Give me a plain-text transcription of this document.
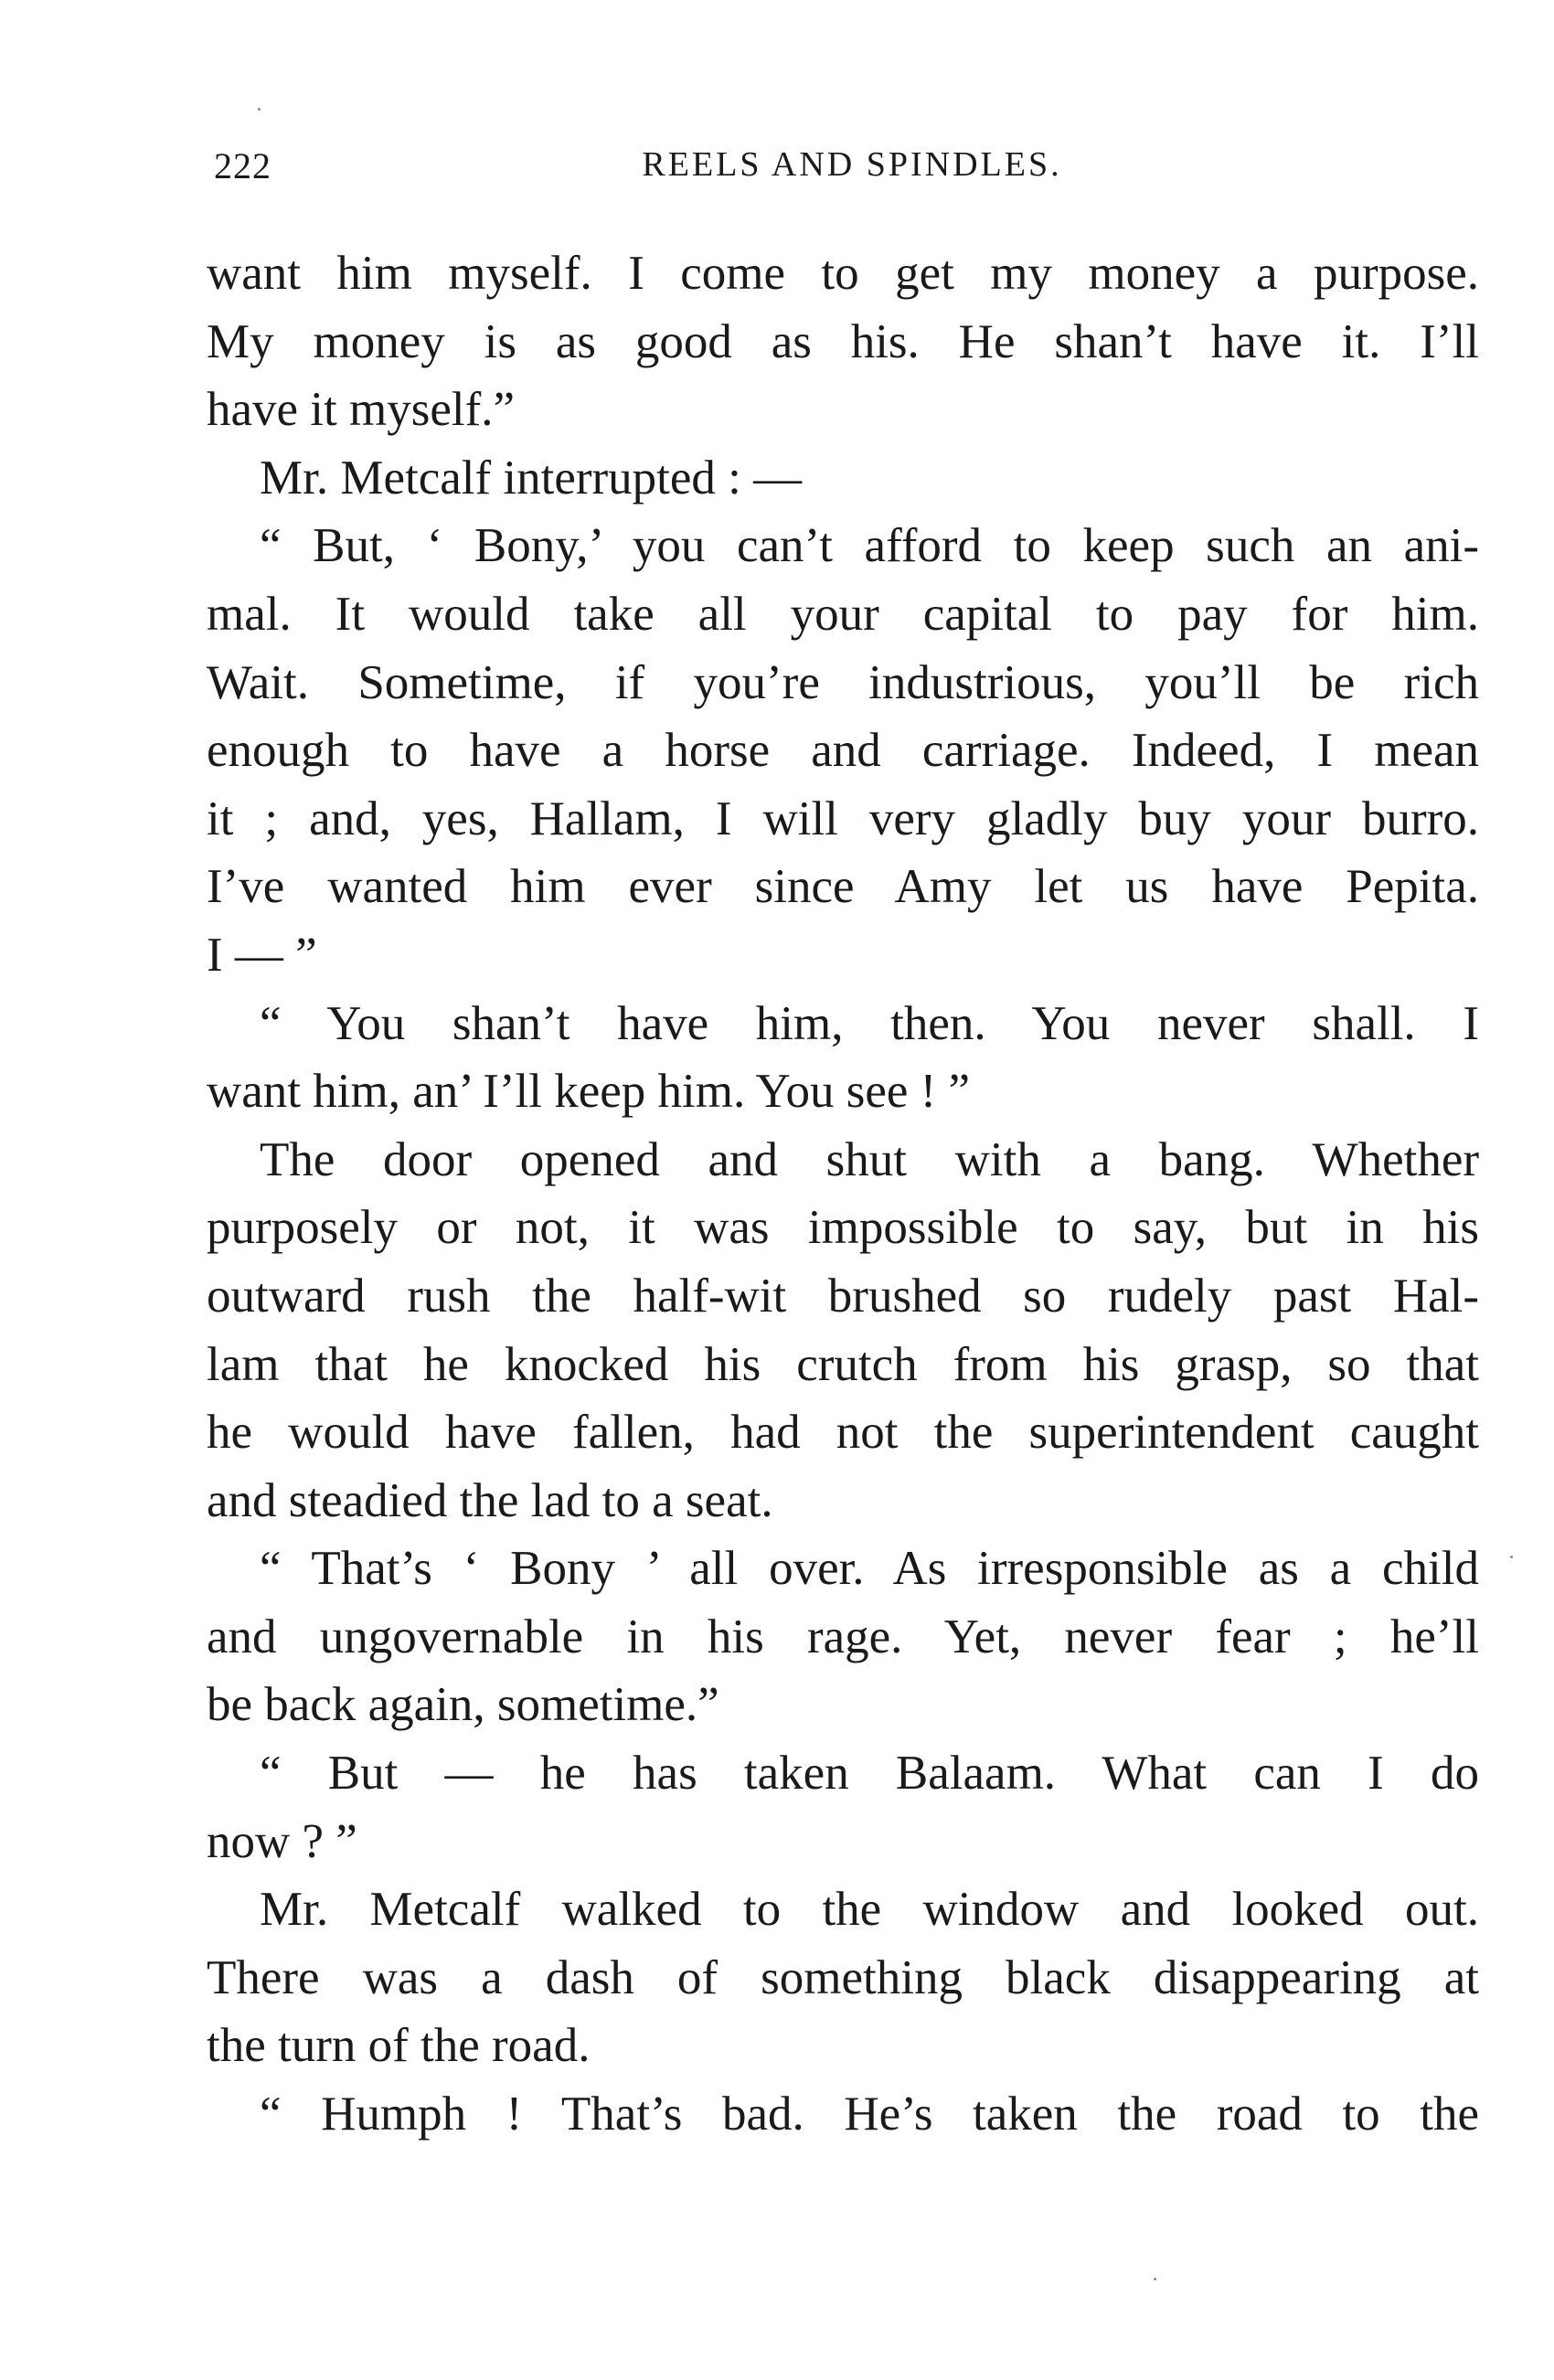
222	REELS AND SPINDLES.
want him myself. I come to get my money a purpose.
My money is as good as his. He shan’t have it. I’ll
have it myself.”
Mr. Metcalf interrupted : —
“ But, ‘ Bony,’ you can’t afford to keep such an ani-
mal. It would take all your capital to pay for him.
Wait. Sometime, if you’re industrious, you’ll be rich
enough to have a horse and carriage. Indeed, I mean
it ; and, yes, Hallam, I will very gladly buy your burro.
I’ve wanted him ever since Amy let us have Pepita.
I — ”
“ You shan’t have him, then. You never shall. I
want him, an’ I’ll keep him. You see ! ”
The door opened and shut with a bang. Whether
purposely or not, it was impossible to say, but in his
outward rush the half-wit brushed so rudely past Hal-
lam that he knocked his crutch from his grasp, so that
he would have fallen, had not the superintendent caught
and steadied the lad to a seat.
“ That’s ‘ Bony ’ all over. As irresponsible as a child
and ungovernable in his rage. Yet, never fear ; he’ll
be back again, sometime.”
“ But — he has taken Balaam. What can I do
now ? ”
Mr. Metcalf walked to the window and looked out.
There was a dash of something black disappearing at
the turn of the road.
“ Humph ! That’s bad. He’s taken the road to the
